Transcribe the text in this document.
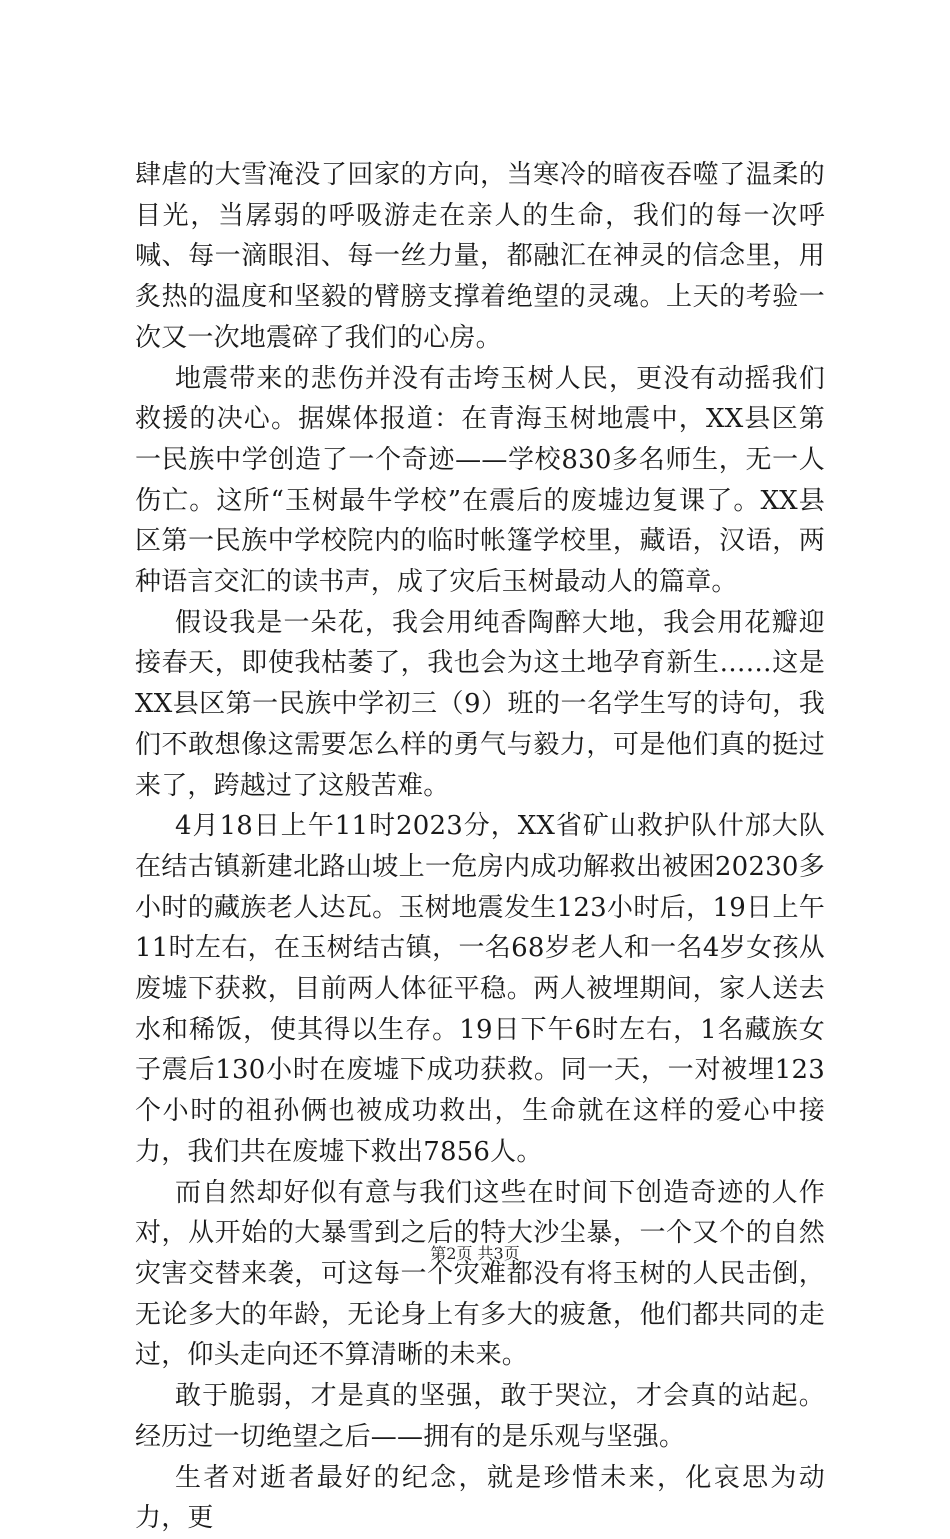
肆虐的大雪淹没了回家的方向，当寒冷的暗夜吞噬了温柔的目光，当孱弱的呼吸游走在亲人的生命，我们的每一次呼喊、每一滴眼泪、每一丝力量，都融汇在神灵的信念里，用炙热的温度和坚毅的臂膀支撑着绝望的灵魂。上天的考验一次又一次地震碎了我们的心房。

地震带来的悲伤并没有击垮玉树人民，更没有动摇我们救援的决心。据媒体报道：在青海玉树地震中，XX县区第一民族中学创造了一个奇迹——学校830多名师生，无一人伤亡。这所“玉树最牛学校”在震后的废墟边复课了。XX县区第一民族中学校院内的临时帐篷学校里，藏语，汉语，两种语言交汇的读书声，成了灾后玉树最动人的篇章。

假设我是一朵花，我会用纯香陶醉大地，我会用花瓣迎接春天，即使我枯萎了，我也会为这土地孕育新生……这是XX县区第一民族中学初三（9）班的一名学生写的诗句，我们不敢想像这需要怎么样的勇气与毅力，可是他们真的挺过来了，跨越过了这般苦难。

4月18日上午11时2023分，XX省矿山救护队什邡大队在结古镇新建北路山坡上一危房内成功解救出被困20230多小时的藏族老人达瓦。玉树地震发生123小时后，19日上午11时左右，在玉树结古镇，一名68岁老人和一名4岁女孩从废墟下获救，目前两人体征平稳。两人被埋期间，家人送去水和稀饭，使其得以生存。19日下午6时左右，1名藏族女子震后130小时在废墟下成功获救。同一天，一对被埋123个小时的祖孙俩也被成功救出，生命就在这样的爱心中接力，我们共在废墟下救出7856人。

而自然却好似有意与我们这些在时间下创造奇迹的人作对，从开始的大暴雪到之后的特大沙尘暴，一个又个的自然灾害交替来袭，可这每一个灾难都没有将玉树的人民击倒，无论多大的年龄，无论身上有多大的疲惫，他们都共同的走过，仰头走向还不算清晰的未来。

敢于脆弱，才是真的坚强，敢于哭泣，才会真的站起。经历过一切绝望之后——拥有的是乐观与坚强。

生者对逝者最好的纪念，就是珍惜未来，化哀思为动力，更

第2页 共3页
